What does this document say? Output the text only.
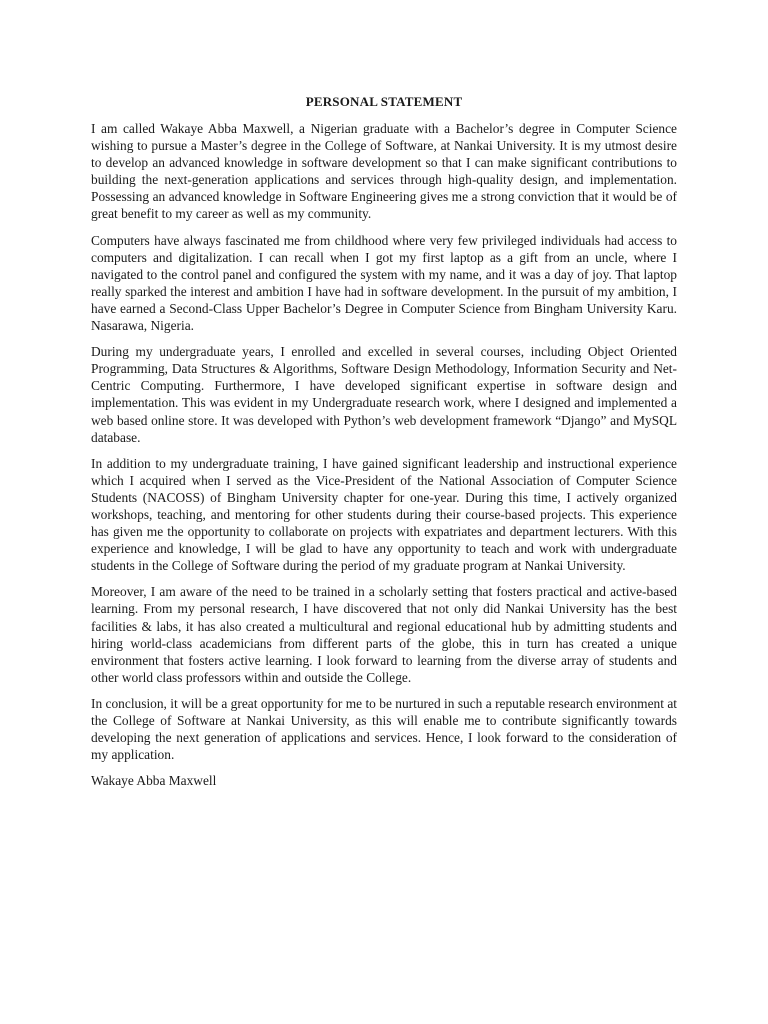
PERSONAL STATEMENT

I am called Wakaye Abba Maxwell, a Nigerian graduate with a Bachelor’s degree in Computer Science wishing to pursue a Master’s degree in the College of Software, at Nankai University. It is my utmost desire to develop an advanced knowledge in software development so that I can make significant contributions to building the next-generation applications and services through high-quality design, and implementation. Possessing an advanced knowledge in Software Engineering gives me a strong conviction that it would be of great benefit to my career as well as my community.

Computers have always fascinated me from childhood where very few privileged individuals had access to computers and digitalization. I can recall when I got my first laptop as a gift from an uncle, where I navigated to the control panel and configured the system with my name, and it was a day of joy. That laptop really sparked the interest and ambition I have had in software development. In the pursuit of my ambition, I have earned a Second-Class Upper Bachelor’s Degree in Computer Science from Bingham University Karu. Nasarawa, Nigeria.

During my undergraduate years, I enrolled and excelled in several courses, including Object Oriented Programming, Data Structures & Algorithms, Software Design Methodology, Information Security and Net-Centric Computing. Furthermore, I have developed significant expertise in software design and implementation. This was evident in my Undergraduate research work, where I designed and implemented a web based online store. It was developed with Python’s web development framework “Django” and MySQL database.

In addition to my undergraduate training, I have gained significant leadership and instructional experience which I acquired when I served as the Vice-President of the National Association of Computer Science Students (NACOSS) of Bingham University chapter for one-year. During this time, I actively organized workshops, teaching, and mentoring for other students during their course-based projects. This experience has given me the opportunity to collaborate on projects with expatriates and department lecturers. With this experience and knowledge, I will be glad to have any opportunity to teach and work with undergraduate students in the College of Software during the period of my graduate program at Nankai University.

Moreover, I am aware of the need to be trained in a scholarly setting that fosters practical and active-based learning. From my personal research, I have discovered that not only did Nankai University has the best facilities & labs, it has also created a multicultural and regional educational hub by admitting students and hiring world-class academicians from different parts of the globe, this in turn has created a unique environment that fosters active learning. I look forward to learning from the diverse array of students and other world class professors within and outside the College.

In conclusion, it will be a great opportunity for me to be nurtured in such a reputable research environment at the College of Software at Nankai University, as this will enable me to contribute significantly towards developing the next generation of applications and services. Hence, I look forward to the consideration of my application.

Wakaye Abba Maxwell
